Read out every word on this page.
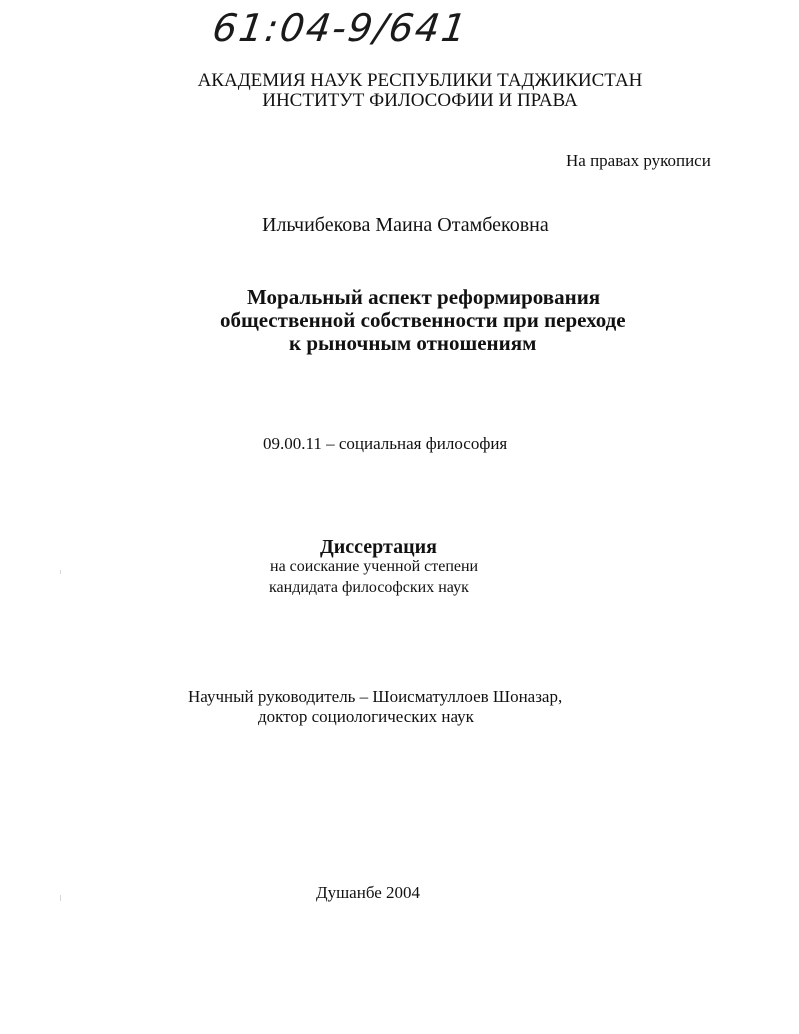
61:04-9/641
АКАДЕМИЯ НАУК РЕСПУБЛИКИ ТАДЖИКИСТАН
ИНСТИТУТ ФИЛОСОФИИ И ПРАВА
На правах рукописи
Ильчибекова Маина Отамбековна
Моральный аспект реформирования
общественной собственности при переходе
к рыночным отношениям
09.00.11 – социальная философия
Диссертация
на соискание ученной степени
кандидата философских наук
Научный руководитель – Шоисматуллоев Шоназар,
доктор социологических наук
Душанбе 2004
